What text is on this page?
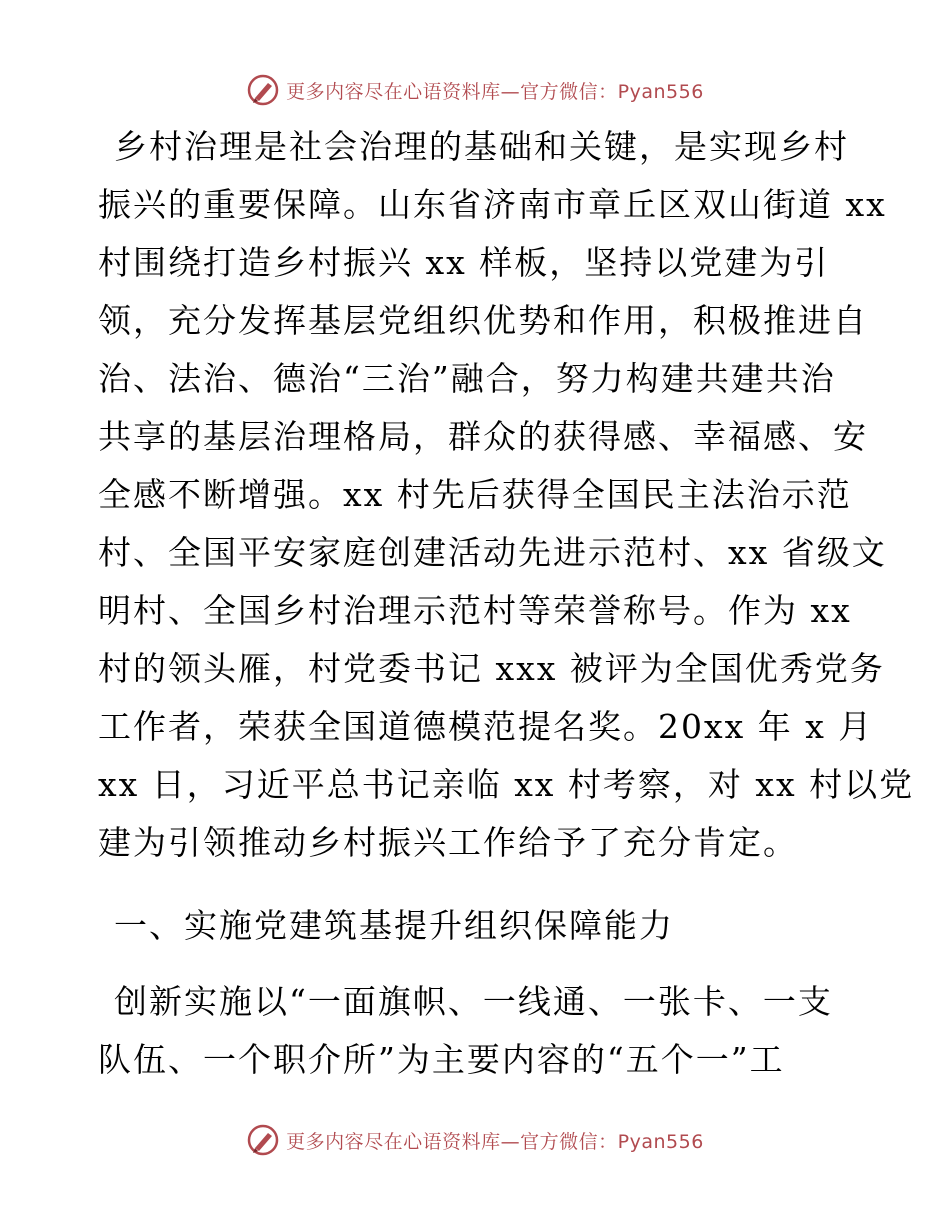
更多内容尽在心语资料库—官方微信：Pyan556
乡村治理是社会治理的基础和关键，是实现乡村
振兴的重要保障。山东省济南市章丘区双山街道 xx
村围绕打造乡村振兴 xx 样板，坚持以党建为引
领，充分发挥基层党组织优势和作用，积极推进自
治、法治、德治“三治”融合，努力构建共建共治
共享的基层治理格局，群众的获得感、幸福感、安
全感不断增强。xx 村先后获得全国民主法治示范
村、全国平安家庭创建活动先进示范村、xx 省级文
明村、全国乡村治理示范村等荣誉称号。作为 xx
村的领头雁，村党委书记 xxx 被评为全国优秀党务
工作者，荣获全国道德模范提名奖。20xx 年 x 月
xx 日，习近平总书记亲临 xx 村考察，对 xx 村以党
建为引领推动乡村振兴工作给予了充分肯定。
一、实施党建筑基提升组织保障能力
创新实施以“一面旗帜、一线通、一张卡、一支
队伍、一个职介所”为主要内容的“五个一”工
更多内容尽在心语资料库—官方微信：Pyan556
